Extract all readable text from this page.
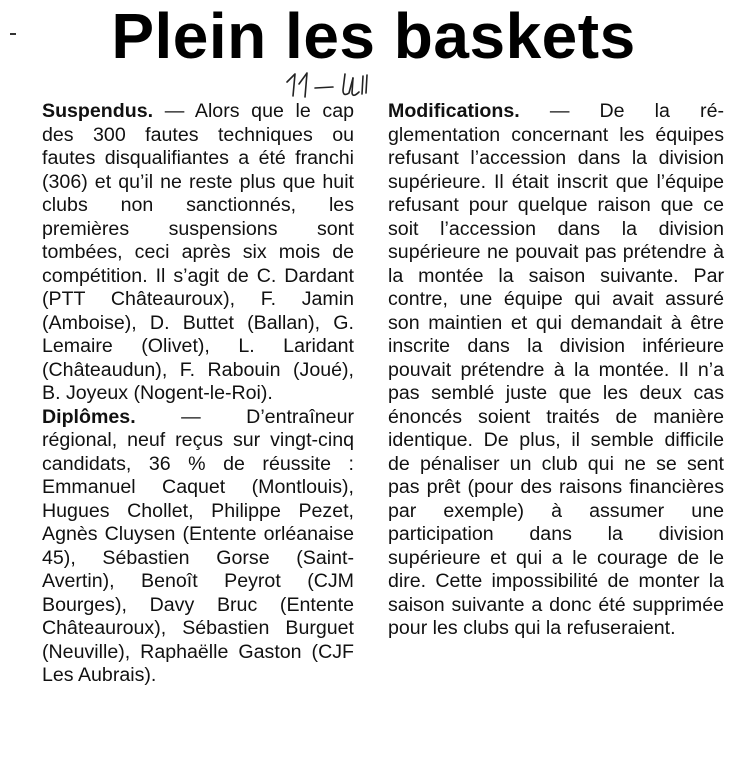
Plein les baskets

Suspendus. — Alors que le cap des 300 fautes techniques ou fautes disqualifiantes a été franchi (306) et qu’il ne reste plus que huit clubs non sanctionnés, les premières suspensions sont tombées, ceci après six mois de compétition. Il s’agit de C. Dardant (PTT Châteauroux), F. Jamin (Amboise), D. Buttet (Ballan), G. Lemaire (Olivet), L. Laridant (Châteaudun), F. Rabouin (Joué), B. Joyeux (Nogent-le-Roi).

Diplômes. — D’entraîneur régional, neuf reçus sur vingt-cinq candidats, 36 % de réussite : Emmanuel Caquet (Montlouis), Hugues Chollet, Philippe Pezet, Agnès Cluysen (Entente orléanaise 45), Sébastien Gorse (Saint-Avertin), Benoît Peyrot (CJM Bourges), Davy Bruc (Entente Châteauroux), Sébastien Burguet (Neuville), Raphaëlle Gaston (CJF Les Aubrais).

Modifications. — De la réglementation concernant les équipes refusant l’accession dans la division supérieure. Il était inscrit que l’équipe refusant pour quelque raison que ce soit l’accession dans la division supérieure ne pouvait pas prétendre à la montée la saison suivante. Par contre, une équipe qui avait assuré son maintien et qui demandait à être inscrite dans la division inférieure pouvait prétendre à la montée. Il n’a pas semblé juste que les deux cas énoncés soient traités de manière identique. De plus, il semble difficile de pénaliser un club qui ne se sent pas prêt (pour des raisons financières par exemple) à assumer une participation dans la division supérieure et qui a le courage de le dire. Cette impossibilité de monter la saison suivante a donc été supprimée pour les clubs qui la refuseraient.
